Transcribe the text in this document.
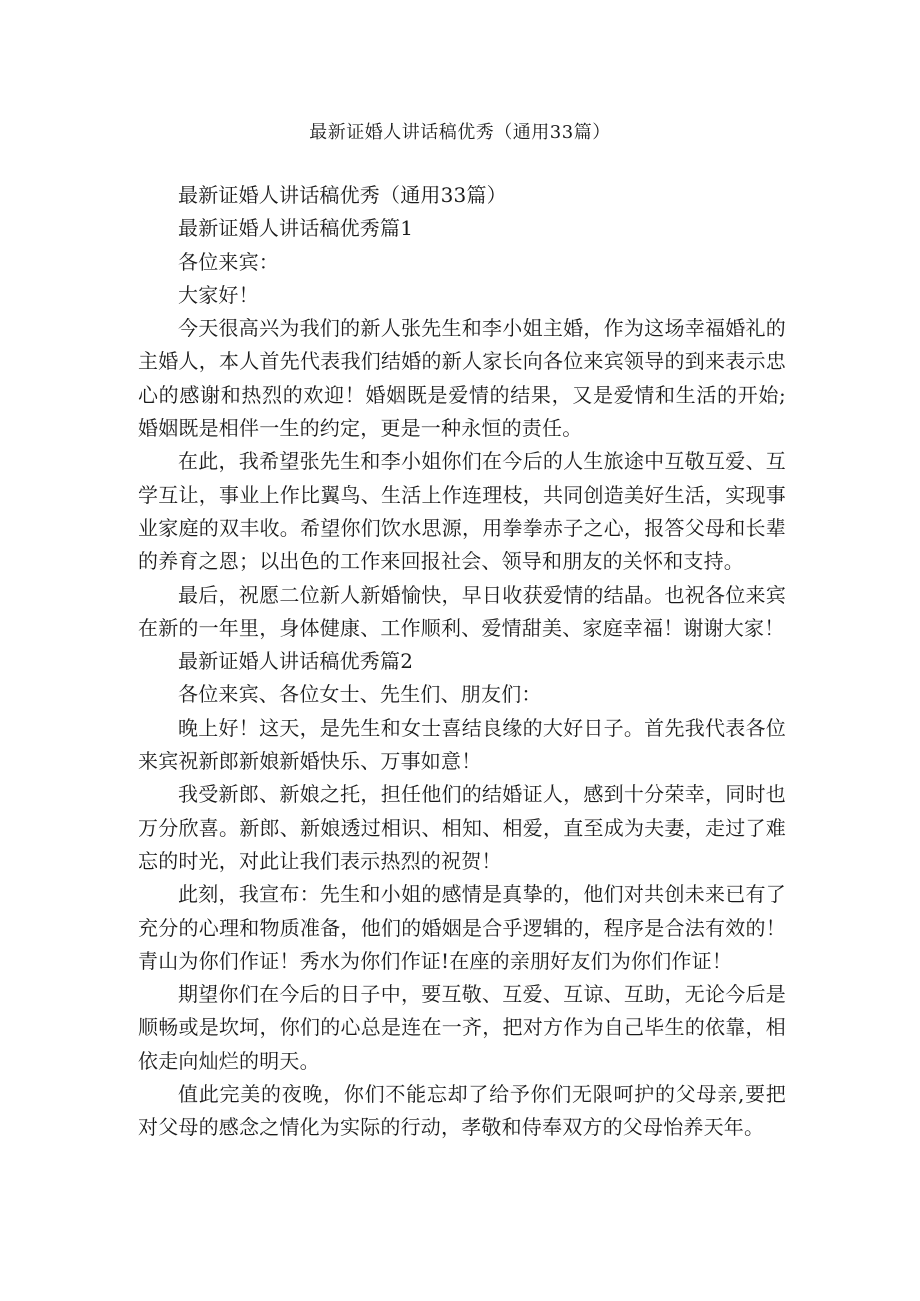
最新证婚人讲话稿优秀（通用33篇）

最新证婚人讲话稿优秀（通用33篇）

最新证婚人讲话稿优秀篇1

各位来宾：

大家好！

今天很高兴为我们的新人张先生和李小姐主婚，作为这场幸福婚礼的主婚人，本人首先代表我们结婚的新人家长向各位来宾领导的到来表示忠心的感谢和热烈的欢迎！婚姻既是爱情的结果，又是爱情和生活的开始;婚姻既是相伴一生的约定，更是一种永恒的责任。

在此，我希望张先生和李小姐你们在今后的人生旅途中互敬互爱、互学互让，事业上作比翼鸟、生活上作连理枝，共同创造美好生活，实现事业家庭的双丰收。希望你们饮水思源，用拳拳赤子之心，报答父母和长辈的养育之恩；以出色的工作来回报社会、领导和朋友的关怀和支持。

最后，祝愿二位新人新婚愉快，早日收获爱情的结晶。也祝各位来宾在新的一年里，身体健康、工作顺利、爱情甜美、家庭幸福！谢谢大家！

最新证婚人讲话稿优秀篇2

各位来宾、各位女士、先生们、朋友们：

晚上好！这天，是先生和女士喜结良缘的大好日子。首先我代表各位来宾祝新郎新娘新婚快乐、万事如意！

我受新郎、新娘之托，担任他们的结婚证人，感到十分荣幸，同时也万分欣喜。新郎、新娘透过相识、相知、相爱，直至成为夫妻，走过了难忘的时光，对此让我们表示热烈的祝贺！

此刻，我宣布：先生和小姐的感情是真挚的，他们对共创未来已有了充分的心理和物质准备，他们的婚姻是合乎逻辑的，程序是合法有效的！青山为你们作证！秀水为你们作证!在座的亲朋好友们为你们作证！

期望你们在今后的日子中，要互敬、互爱、互谅、互助，无论今后是顺畅或是坎坷，你们的心总是连在一齐，把对方作为自己毕生的依靠，相依走向灿烂的明天。

值此完美的夜晚，你们不能忘却了给予你们无限呵护的父母亲,要把对父母的感念之情化为实际的行动，孝敬和侍奉双方的父母怡养天年。
